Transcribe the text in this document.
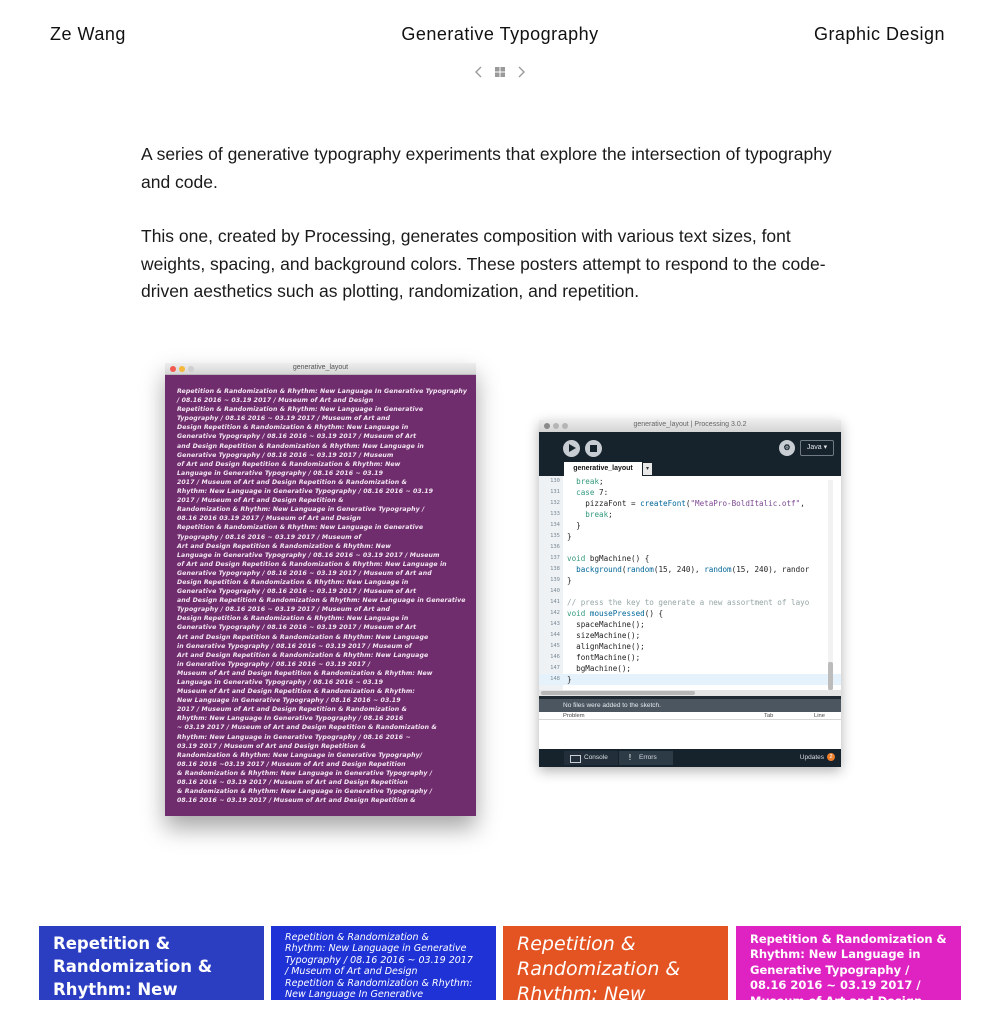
Ze Wang	Generative Typography	Graphic Design

A series of generative typography experiments that explore the intersection of typography and code.

This one, created by Processing, generates composition with various text sizes, font weights, spacing, and background colors. These posters attempt to respond to the code-driven aesthetics such as plotting, randomization, and repetition.

generative_layout
Repetition & Randomization & Rhythm: New Language In Generative Typography
/ 08.16 2016 ~ 03.19 2017 / Museum of Art and Design
Repetition & Randomization & Rhythm: New Language in Generative
Typography / 08.16 2016 ~ 03.19 2017 / Museum of Art and
Design Repetition & Randomization & Rhythm: New Language in
Generative Typography / 08.16 2016 ~ 03.19 2017 / Museum of Art
and Design Repetition & Randomization & Rhythm: New Language in
Generative Typography / 08.16 2016 ~ 03.19 2017 / Museum
of Art and Design Repetition & Randomization & Rhythm: New
Language in Generative Typography / 08.16 2016 ~ 03.19
2017 / Museum of Art and Design Repetition & Randomization &
Rhythm: New Language in Generative Typography / 08.16 2016 ~ 03.19
2017 / Museum of Art and Design Repetition &
Randomization & Rhythm: New Language in Generative Typography /
08.16 2016 03.19 2017 / Museum of Art and Design
Repetition & Randomization & Rhythm: New Language in Generative
Typography / 08.16 2016 ~ 03.19 2017 / Museum of
Art and Design Repetition & Randomization & Rhythm: New
Language in Generative Typography / 08.16 2016 ~ 03.19 2017 / Museum
of Art and Design Repetition & Randomization & Rhythm: New Language in
Generative Typography / 08.16 2016 ~ 03.19 2017 / Museum of Art and
Design Repetition & Randomization & Rhythm: New Language in
Generative Typography / 08.16 2016 ~ 03.19 2017 / Museum of Art
and Design Repetition & Randomization & Rhythm: New Language in Generative
Typography / 08.16 2016 ~ 03.19 2017 / Museum of Art and
Design Repetition & Randomization & Rhythm: New Language in
Generative Typography / 08.16 2016 ~ 03.19 2017 / Museum of Art
Art and Design Repetition & Randomization & Rhythm: New Language
in Generative Typography / 08.16 2016 ~ 03.19 2017 / Museum of
Art and Design Repetition & Randomization & Rhythm: New Language
in Generative Typography / 08.16 2016 ~ 03.19 2017 /
Museum of Art and Design Repetition & Randomization & Rhythm: New
Language in Generative Typography / 08.16 2016 ~ 03.19
Museum of Art and Design Repetition & Randomization & Rhythm:
New Language in Generative Typography / 08.16 2016 ~ 03.19
2017 / Museum of Art and Design Repetition & Randomization &
Rhythm: New Language In Generative Typography / 08.16 2016
~ 03.19 2017 / Museum of Art and Design Repetition & Randomization &
Rhythm: New Language in Generative Typography / 08.16 2016 ~
03.19 2017 / Museum of Art and Design Repetition &
Randomization & Rhythm: New Language in Generative Typography/
08.16 2016 ~03.19 2017 / Museum of Art and Design Repetition
& Randomization & Rhythm: New Language in Generative Typography /
08.16 2016 ~ 03.19 2017 / Museum of Art and Design Repetition
& Randomization & Rhythm: New Language in Generative Typography /
08.16 2016 ~ 03.19 2017 / Museum of Art and Design Repetition &
generative_layout | Processing 3.0.2
⚙	Java ▾
generative_layout	▾
130	break;
131	case 7:
132 pizzaFont = createFont("MetaPro-BoldItalic.otf",
133	break;
134 }
135 }
136
137 void bgMachine() {
138	background(random(15, 240), random(15, 240), randor
139 }
140
141 // press the key to generate a new assortment of layo
142 void mousePressed() {
143 spaceMachine();
144 sizeMachine();
145 alignMachine();
146 fontMachine();
147 bgMachine();
148 }
No files were added to the sketch.
Problem	Tab	Line
Console
!	Errors	Updates 2
Repetition &
Randomization &
Rhythm: New
Repetition & Randomization &
Rhythm: New Language in Generative
Typography / 08.16 2016 ~ 03.19 2017
/ Museum of Art and Design
Repetition & Randomization & Rhythm:
New Language In Generative
Repetition &
Randomization &
Rhythm: New
Repetition & Randomization &
Rhythm: New Language in
Generative Typography /
08.16 2016 ~ 03.19 2017 /
Museum of Art and Design
